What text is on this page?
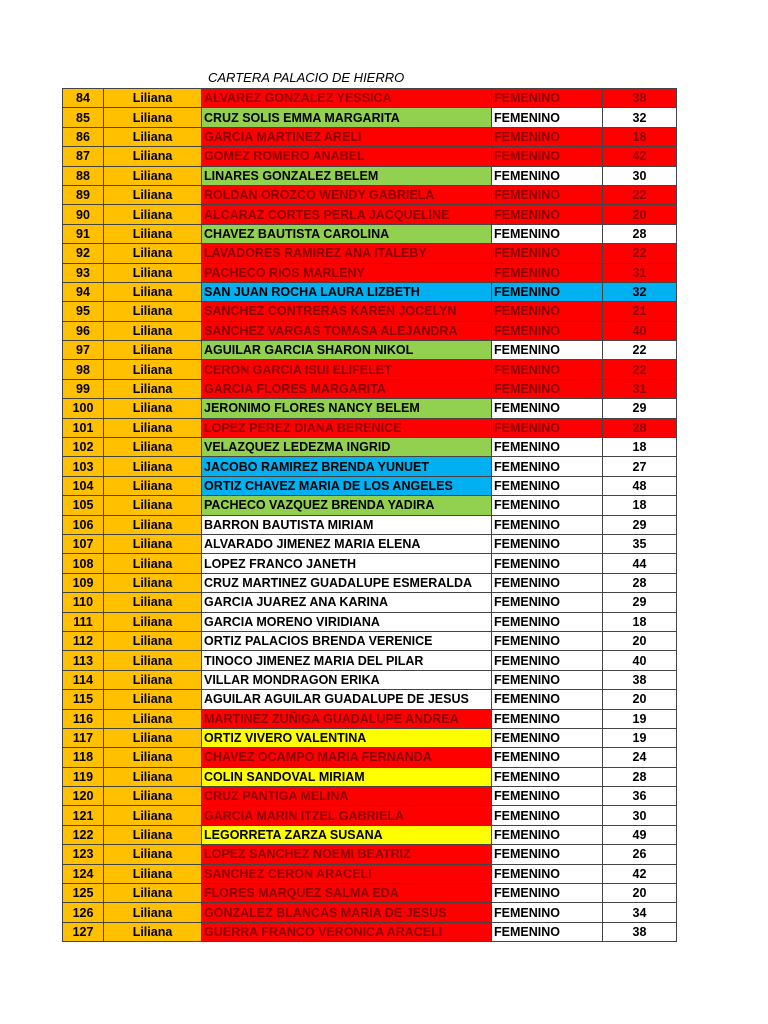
CARTERA PALACIO DE HIERRO
84	Liliana	ALVAREZ GONZALEZ YESSICA	FEMENINO	38
85	Liliana	CRUZ SOLIS EMMA MARGARITA	FEMENINO	32
86	Liliana	GARCIA MARTINEZ ARELI	FEMENINO	18
87	Liliana	GOMEZ ROMERO ANABEL	FEMENINO	42
88	Liliana	LINARES GONZALEZ BELEM	FEMENINO	30
89	Liliana	ROLDAN OROZCO WENDY GABRIELA	FEMENINO	22
90	Liliana	ALCARAZ CORTES PERLA JACQUELINE	FEMENINO	20
91	Liliana	CHAVEZ BAUTISTA CAROLINA	FEMENINO	28
92	Liliana	LAVADORES RAMIREZ ANA ITALEBY	FEMENINO	22
93	Liliana	PACHECO RIOS MARLENY	FEMENINO	31
94	Liliana	SAN JUAN ROCHA LAURA LIZBETH	FEMENINO	32
95	Liliana	SANCHEZ CONTRERAS KAREN JOCELYN	FEMENINO	21
96	Liliana	SANCHEZ VARGAS TOMASA ALEJANDRA	FEMENINO	40
97	Liliana	AGUILAR GARCIA SHARON NIKOL	FEMENINO	22
98	Liliana	CERON GARCIA ISUI ELIFELET	FEMENINO	22
99	Liliana	GARCIA FLORES MARGARITA	FEMENINO	31
100	Liliana	JERONIMO FLORES NANCY BELEM	FEMENINO	29
101	Liliana	LOPEZ PEREZ DIANA BERENICE	FEMENINO	28
102	Liliana	VELAZQUEZ LEDEZMA INGRID	FEMENINO	18
103	Liliana	JACOBO RAMIREZ BRENDA YUNUET	FEMENINO	27
104	Liliana	ORTIZ CHAVEZ MARIA DE LOS ANGELES	FEMENINO	48
105	Liliana	PACHECO VAZQUEZ BRENDA YADIRA	FEMENINO	18
106	Liliana	BARRON BAUTISTA MIRIAM	FEMENINO	29
107	Liliana	ALVARADO JIMENEZ MARIA ELENA	FEMENINO	35
108	Liliana	LOPEZ FRANCO JANETH	FEMENINO	44
109	Liliana	CRUZ MARTINEZ GUADALUPE ESMERALDA	FEMENINO	28
110	Liliana	GARCIA JUAREZ ANA KARINA	FEMENINO	29
111	Liliana	GARCIA MORENO VIRIDIANA	FEMENINO	18
112	Liliana	ORTIZ PALACIOS BRENDA VERENICE	FEMENINO	20
113	Liliana	TINOCO JIMENEZ MARIA DEL PILAR	FEMENINO	40
114	Liliana	VILLAR MONDRAGON ERIKA	FEMENINO	38
115	Liliana	AGUILAR AGUILAR GUADALUPE DE JESUS	FEMENINO	20
116	Liliana	MARTINEZ ZUÑIGA GUADALUPE ANDREA	FEMENINO	19
117	Liliana	ORTIZ VIVERO VALENTINA	FEMENINO	19
118	Liliana	CHAVEZ OCAMPO MARIA FERNANDA	FEMENINO	24
119	Liliana	COLIN SANDOVAL MIRIAM	FEMENINO	28
120	Liliana	CRUZ PANTIGA MELINA	FEMENINO	36
121	Liliana	GARCIA MARIN ITZEL GABRIELA	FEMENINO	30
122	Liliana	LEGORRETA ZARZA SUSANA	FEMENINO	49
123	Liliana	LOPEZ SANCHEZ NOEMI BEATRIZ	FEMENINO	26
124	Liliana	SANCHEZ CERON ARACELI	FEMENINO	42
125	Liliana	FLORES MARQUEZ SALMA EDA	FEMENINO	20
126	Liliana	GONZALEZ BLANCAS MARIA DE JESUS	FEMENINO	34
127	Liliana	GUERRA FRANCO VERONICA ARACELI	FEMENINO	38
